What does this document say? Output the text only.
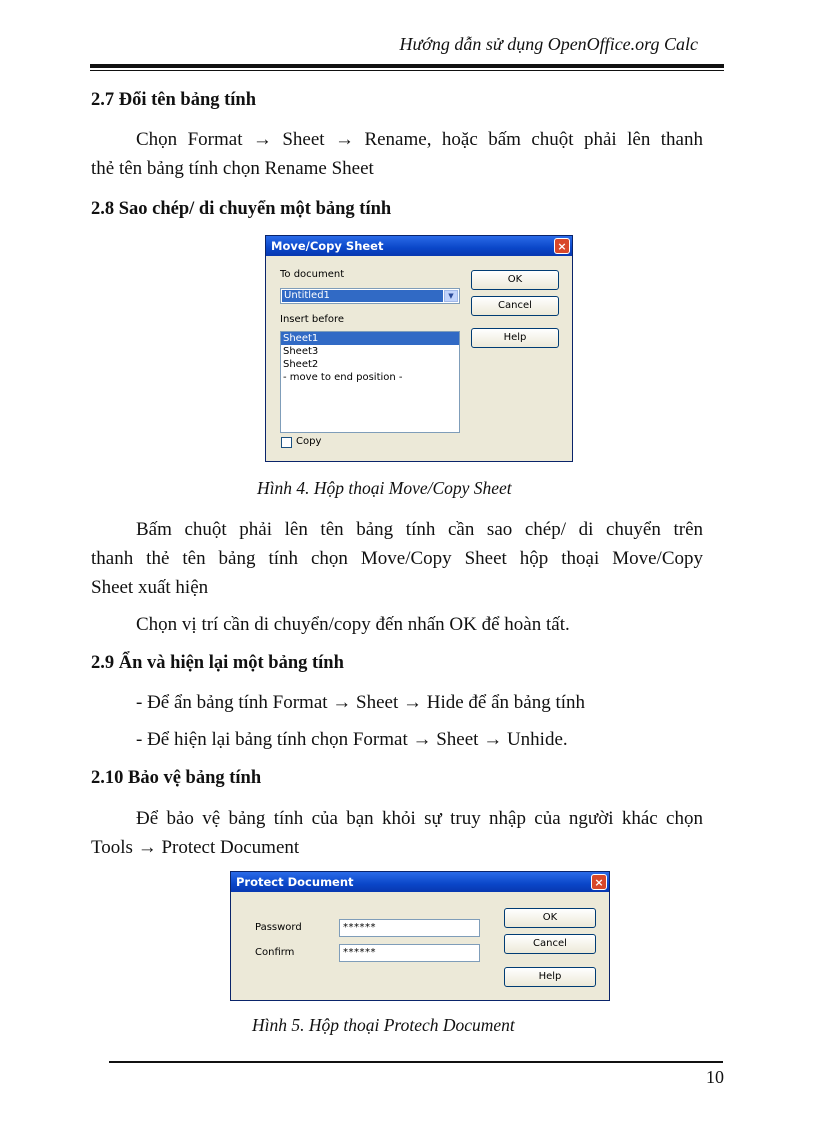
Hướng dẫn sử dụng OpenOffice.org Calc
2.7 Đổi tên bảng tính
Chọn Format → Sheet → Rename, hoặc bấm chuột phải lên thanh
thẻ tên bảng tính chọn Rename Sheet
2.8 Sao chép/ di chuyển một bảng tính
Move/Copy Sheet	×
To document
Untitled1	▼
Insert before
Sheet1
Sheet3
Sheet2
- move to end position -
Copy
OK
Cancel
Help
Hình 4. Hộp thoại Move/Copy Sheet
Bấm chuột phải lên tên bảng tính cần sao chép/ di chuyển trên
thanh thẻ tên bảng tính chọn Move/Copy Sheet hộp thoại Move/Copy
Sheet xuất hiện
Chọn vị trí cần di chuyển/copy đến nhấn OK để hoàn tất.
2.9 Ẩn và hiện lại một bảng tính
- Để ẩn bảng tính Format → Sheet → Hide để ẩn bảng tính
- Để hiện lại bảng tính chọn Format → Sheet → Unhide.
2.10 Bảo vệ bảng tính
Để bảo vệ bảng tính của bạn khỏi sự truy nhập của người khác chọn
Tools → Protect Document
Protect Document	×
Password	******
Confirm	******
OK
Cancel
Help
Hình 5. Hộp thoại Protech Document
10
